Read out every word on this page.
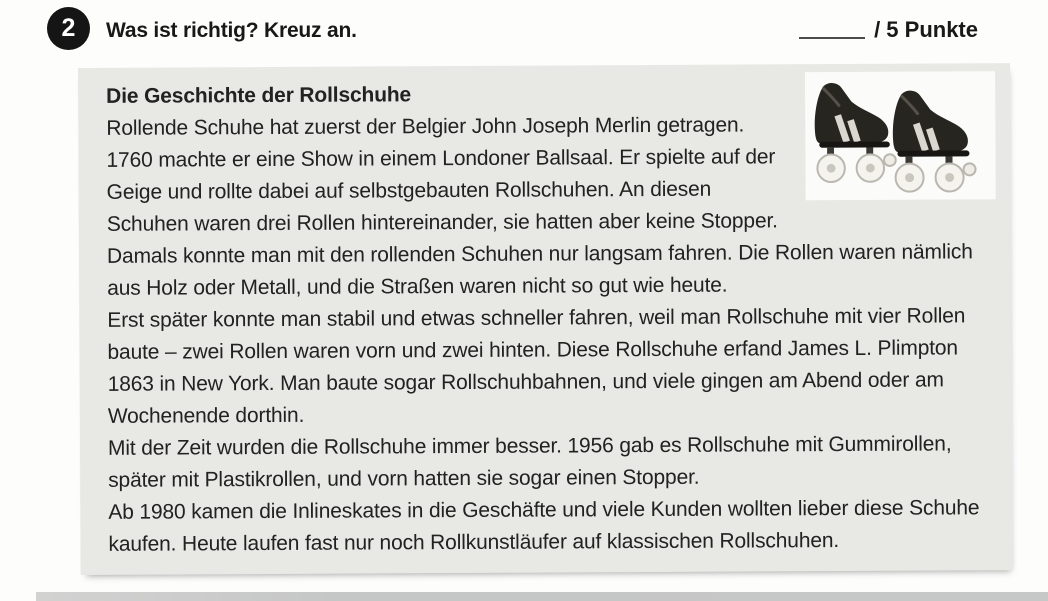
2 Was ist richtig? Kreuz an.	/ 5 Punkte

Die Geschichte der Rollschuhe

Rollende Schuhe hat zuerst der Belgier John Joseph Merlin getragen. 1760 machte er eine Show in einem Londoner Ballsaal. Er spielte auf der Geige und rollte dabei auf selbstgebauten Rollschuhen. An diesen Schuhen waren drei Rollen hintereinander, sie hatten aber keine Stopper. Damals konnte man mit den rollenden Schuhen nur langsam fahren. Die Rollen waren nämlich aus Holz oder Metall, und die Straßen waren nicht so gut wie heute.

Erst später konnte man stabil und etwas schneller fahren, weil man Rollschuhe mit vier Rollen baute – zwei Rollen waren vorn und zwei hinten. Diese Rollschuhe erfand James L. Plimpton 1863 in New York. Man baute sogar Rollschuhbahnen, und viele gingen am Abend oder am Wochenende dorthin.

Mit der Zeit wurden die Rollschuhe immer besser. 1956 gab es Rollschuhe mit Gummirollen, später mit Plastikrollen, und vorn hatten sie sogar einen Stopper.

Ab 1980 kamen die Inlineskates in die Geschäfte und viele Kunden wollten lieber diese Schuhe kaufen. Heute laufen fast nur noch Rollkunstläufer auf klassischen Rollschuhen.
